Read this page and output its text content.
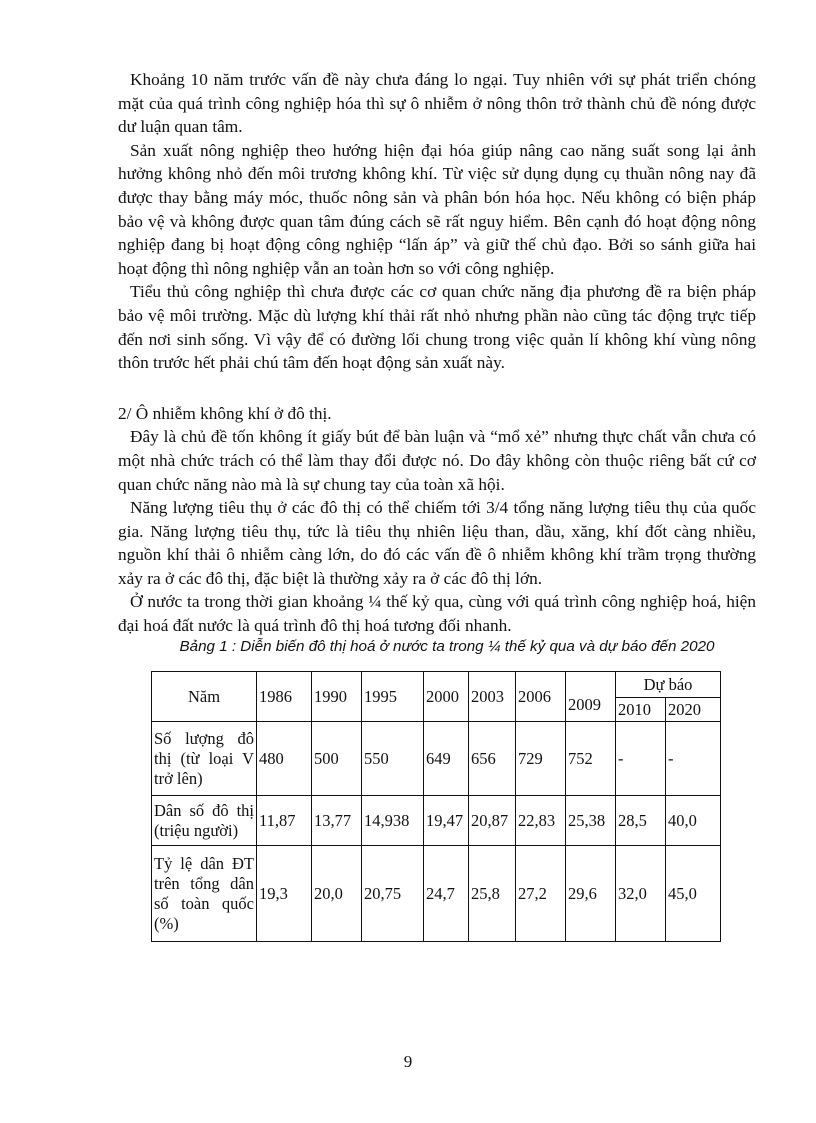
Khoảng 10 năm trước vấn đề này chưa đáng lo ngại. Tuy nhiên với sự phát triển chóng mặt của quá trình công nghiệp hóa thì sự ô nhiễm ở nông thôn trở thành chủ đề nóng được dư luận quan tâm.

Sản xuất nông nghiệp theo hướng hiện đại hóa giúp nâng cao năng suất song lại ảnh hưởng không nhỏ đến môi trương không khí. Từ việc sử dụng dụng cụ thuần nông nay đã được thay bằng máy móc, thuốc nông sản và phân bón hóa học. Nếu không có biện pháp bảo vệ và không được quan tâm đúng cách sẽ rất nguy hiểm. Bên cạnh đó hoạt động nông nghiệp đang bị hoạt động công nghiệp “lấn áp” và giữ thế chủ đạo. Bởi so sánh giữa hai hoạt động thì nông nghiệp vẫn an toàn hơn so với công nghiệp.

Tiểu thủ công nghiệp thì chưa được các cơ quan chức năng địa phương đề ra biện pháp bảo vệ môi trường. Mặc dù lượng khí thải rất nhỏ nhưng phần nào cũng tác động trực tiếp đến nơi sinh sống. Vì vậy để có đường lối chung trong việc quản lí không khí vùng nông thôn trước hết phải chú tâm đến hoạt động sản xuất này.

2/ Ô nhiễm không khí ở đô thị.

Đây là chủ đề tốn không ít giấy bút để bàn luận và “mổ xẻ” nhưng thực chất vẫn chưa có một nhà chức trách có thể làm thay đổi được nó. Do đây không còn thuộc riêng bất cứ cơ quan chức năng nào mà là sự chung tay của toàn xã hội.

Năng lượng tiêu thụ ở các đô thị có thể chiếm tới 3/4 tổng năng lượng tiêu thụ của quốc gia. Năng lượng tiêu thụ, tức là tiêu thụ nhiên liệu than, dầu, xăng, khí đốt càng nhiều, nguồn khí thải ô nhiễm càng lớn, do đó các vấn đề ô nhiễm không khí trầm trọng thường xảy ra ở các đô thị, đặc biệt là thường xảy ra ở các đô thị lớn.

Ở nước ta trong thời gian khoảng ¼ thế kỷ qua, cùng với quá trình công nghiệp hoá, hiện đại hoá đất nước là quá trình đô thị hoá tương đối nhanh.

Bảng 1 : Diễn biến đô thị hoá ở nước ta trong ¼ thế kỷ qua và dự báo đến 2020
Năm	1986	1990	1995	2000	2003	2006	2009	Dự báo	
								2010	2020
Số lượng đô thị (từ loại V trở lên)	480	500	550	649	656	729	752	-	-
Dân số đô thị (triệu người)	11,87	13,77	14,938	19,47	20,87	22,83	25,38	28,5	40,0
Tỷ lệ dân ĐT trên tổng dân số toàn quốc (%)	19,3	20,0	20,75	24,7	25,8	27,2	29,6	32,0	45,0
9
